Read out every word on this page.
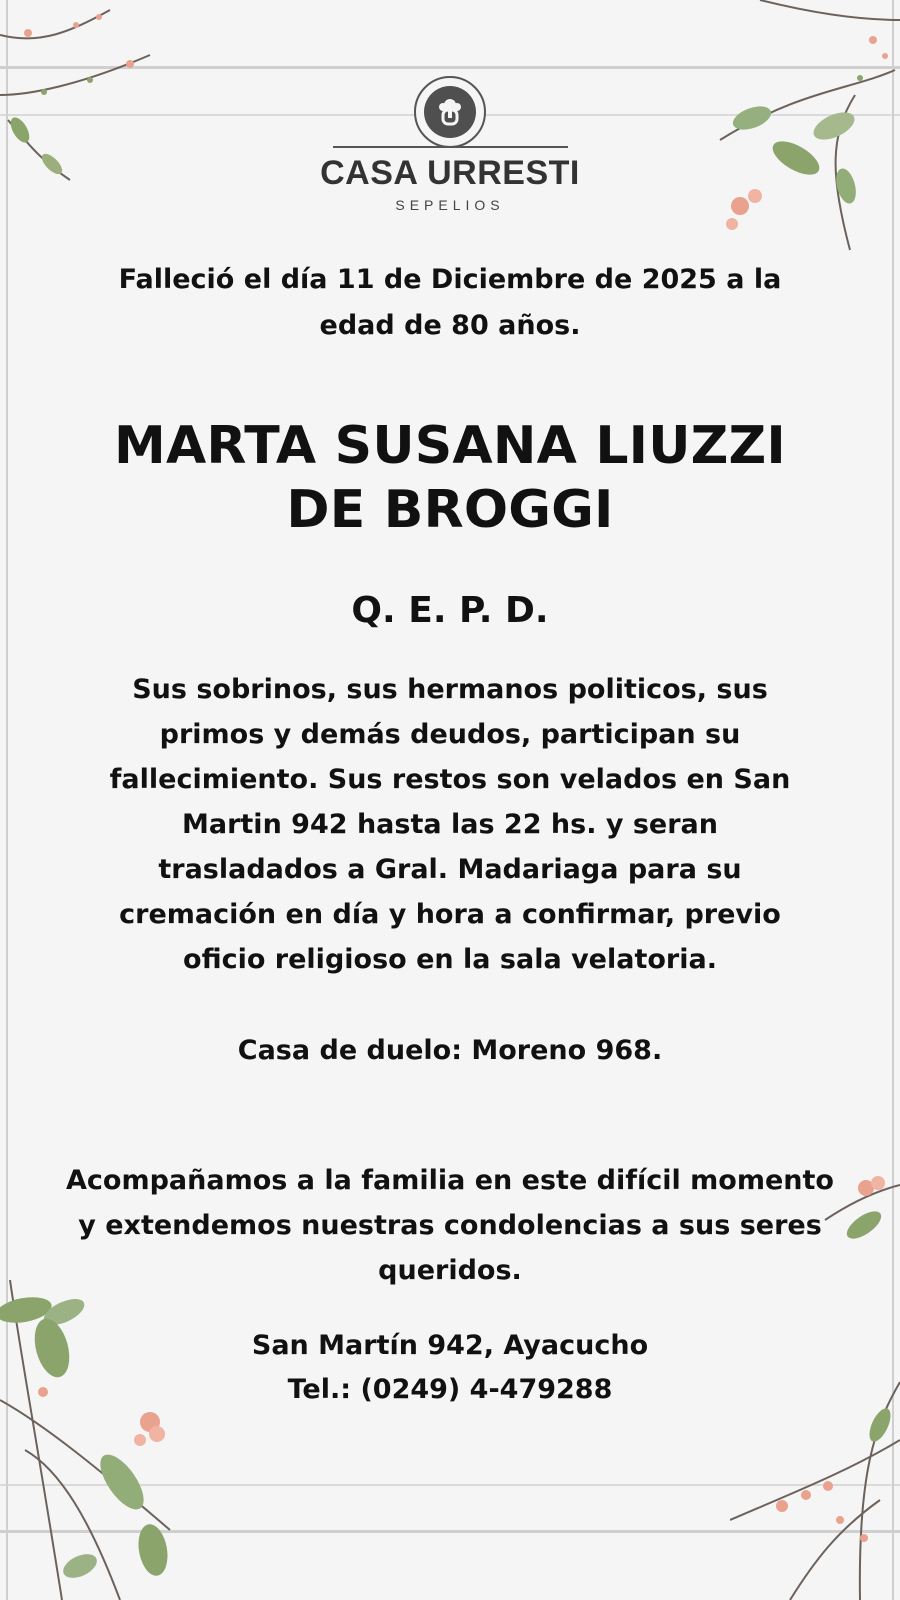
CASA URRESTI
SEPELIOS
Falleció el día 11 de Diciembre de 2025 a la
edad de 80 años.
MARTA SUSANA LIUZZI
DE BROGGI
Q. E. P. D.
Sus sobrinos, sus hermanos politicos, sus
primos y demás deudos, participan su
fallecimiento. Sus restos son velados en San
Martin 942 hasta las 22 hs. y seran
trasladados a Gral. Madariaga para su
cremación en día y hora a confirmar, previo
oficio religioso en la sala velatoria.
Casa de duelo: Moreno 968.
Acompañamos a la familia en este difícil momento
y extendemos nuestras condolencias a sus seres
queridos.
San Martín 942, Ayacucho
Tel.: (0249) 4-479288
